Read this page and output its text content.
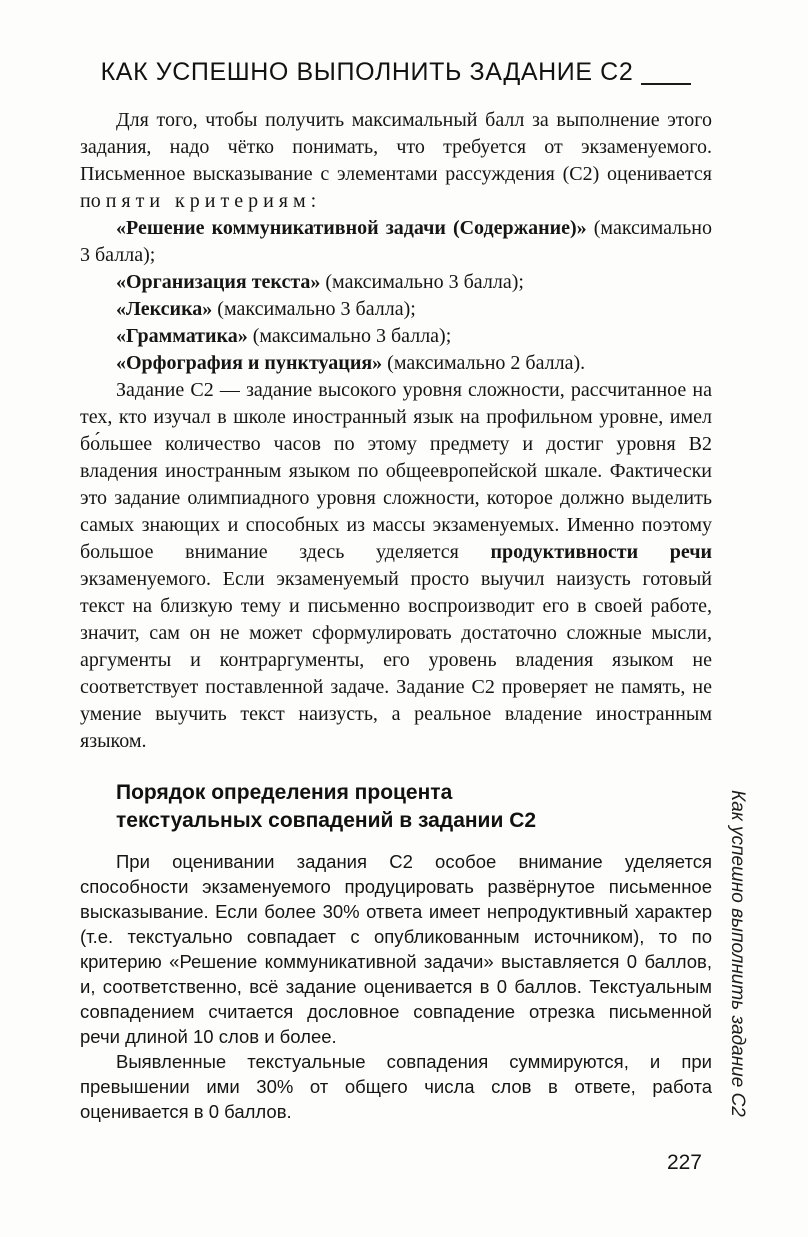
КАК УСПЕШНО ВЫПОЛНИТЬ ЗАДАНИЕ С2

Для того, чтобы получить максимальный балл за выполнение этого задания, надо чётко понимать, что требуется от экзаменуемого. Письменное высказывание с элементами рассуждения (С2) оценивается по пяти критериям:

«Решение коммуникативной задачи (Содержание)» (максимально 3 балла);

«Организация текста» (максимально 3 балла);

«Лексика» (максимально 3 балла);

«Грамматика» (максимально 3 балла);

«Орфография и пунктуация» (максимально 2 балла).

Задание С2 — задание высокого уровня сложности, рассчитанное на тех, кто изучал в школе иностранный язык на профильном уровне, имел бо́льшее количество часов по этому предмету и достиг уровня В2 владения иностранным языком по общеевропейской шкале. Фактически это задание олимпиадного уровня сложности, которое должно выделить самых знающих и способных из массы экзаменуемых. Именно поэтому большое внимание здесь уделяется продуктивности речи экзаменуемого. Если экзаменуемый просто выучил наизусть готовый текст на близкую тему и письменно воспроизводит его в своей работе, значит, сам он не может сформулировать достаточно сложные мысли, аргументы и контраргументы, его уровень владения языком не соответствует поставленной задаче. Задание С2 проверяет не память, не умение выучить текст наизусть, а реальное владение иностранным языком.

Порядок определения процента
текстуальных совпадений в задании С2

При оценивании задания С2 особое внимание уделяется способности экзаменуемого продуцировать развёрнутое письменное высказывание. Если более 30% ответа имеет непродуктивный характер (т.е. текстуально совпадает с опубликованным источником), то по критерию «Решение коммуникативной задачи» выставляется 0 баллов, и, соответственно, всё задание оценивается в 0 баллов. Текстуальным совпадением считается дословное совпадение отрезка письменной речи длиной 10 слов и более.

Выявленные текстуальные совпадения суммируются, и при превышении ими 30% от общего числа слов в ответе, работа оценивается в 0 баллов.	Как успешно выполнить задание С2
227
